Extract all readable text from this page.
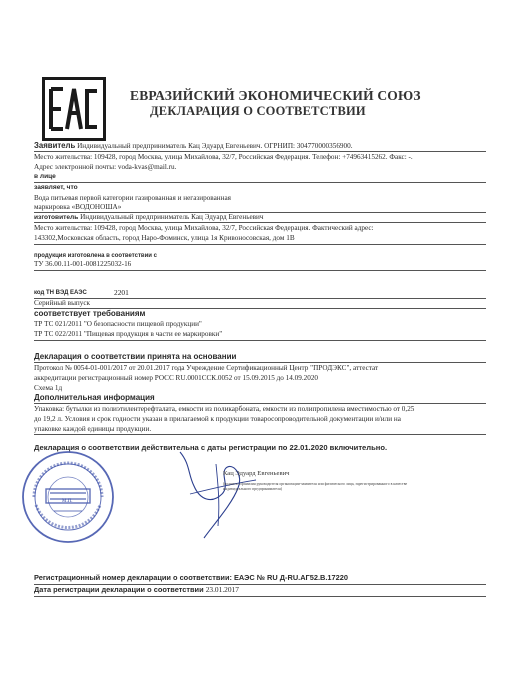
ЕВРАЗИЙСКИЙ ЭКОНОМИЧЕСКИЙ СОЮЗ
ДЕКЛАРАЦИЯ О СООТВЕТСТВИИ
Заявитель Индивидуальный предприниматель Кац Эдуард Евгеньевич. ОГРНИП: 304770000356900.
Место жительства: 109428, город Москва, улица Михайлова, 32/7, Российская Федерация. Телефон: +74963415262. Факс: -.
Адрес электронной почты: voda-kvas@mail.ru.
в лице
заявляет, что
Вода питьевая первой категории газированная и негазированная
маркировка «ВОДОНОША»
изготовитель Индивидуальный предприниматель Кац Эдуард Евгеньевич
Место жительства: 109428, город Москва, улица Михайлова, 32/7, Российская Федерация. Фактический адрес:
143302,Московская область, город Наро-Фоминск, улица 1я Кривоносовская, дом 1В
продукция изготовлена в соответствии с
ТУ 36.00.11-001-0081225032-16
код ТН ВЭД ЕАЭС	2201
Серийный выпуск
соответствует требованиям
ТР ТС 021/2011 "О безопасности пищевой продукции"
ТР ТС 022/2011 "Пищевая продукция в части ее маркировки"
Декларация о соответствии принята на основании
Протокол № 0054-01-001/2017 от 20.01.2017 года Учреждение Сертификационный Центр "ПРОДЭКС", аттестат
аккредитации регистрационный номер РОСС RU.0001СCК.0052 от 15.09.2015 до 14.09.2020
Схема 1д
Дополнительная информация
Упаковка: бутылки из полиэтилентерефталата, емкости из поликарбоната, емкости из полипропилена вместимостью от 0,25
до 19,2 л. Условия и срок годности указан в прилагаемой к продукции товаросопроводительной документации и/или на
упаковке каждой единицы продукции.
Декларация о соответствии действительна с даты регистрации по 22.01.2020 включительно.
М.П.
Кац Эдуард Евгеньевич
(подпись и фамилия руководителя организации-заявителя или физического лица, зарегистрированного в качестве
индивидуального предпринимателя)
Регистрационный номер декларации о соответствии: ЕАЭС № RU Д-RU.АГ52.В.17220
Дата регистрации декларации о соответствии 23.01.2017
